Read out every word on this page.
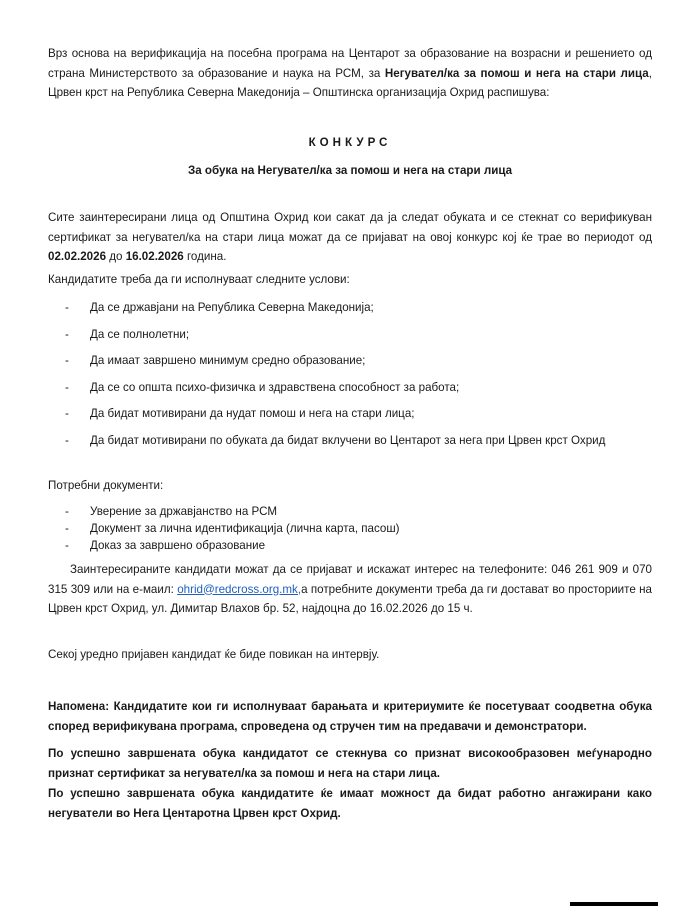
Врз основа на верификација на посебна програма на Центарот за образование на возрасни и решението од страна Министерството за образование и наука на РСМ, за Негувател/ка за помош и нега на стари лица, Црвен крст на Република Северна Македонија – Општинска организација Охрид распишува:

КОНКУРС

За обука на Негувател/ка за помош и нега на стари лица

Сите заинтересирани лица од Општина Охрид кои сакат да ја следат обуката и се стекнат со верификуван сертификат за негувател/ка на стари лица можат да се пријават на овој конкурс кој ќе трае во периодот од 02.02.2026 до 16.02.2026 година.

Кандидатите треба да ги исполнуваат следните услови:

- Да се државјани на Република Северна Македонија;
- Да се полнолетни;
- Да имаат завршено минимум средно образование;
- Да се со општа психо-физичка и здравствена способност за работа;
- Да бидат мотивирани да нудат помош и нега на стари лица;
- Да бидат мотивирани по обуката да бидат вклучени во Центарот за нега при Црвен крст Охрид

Потребни документи:

- Уверение за државјанство на РСМ
- Документ за лична идентификација (лична карта, пасош)
- Доказ за завршено образование

Заинтересираните кандидати можат да се пријават и искажат интерес на телефоните: 046 261 909 и 070 315 309 или на е-маил: ohrid@redcross.org.mk,а потребните документи треба да ги достават во просториите на Црвен крст Охрид, ул. Димитар Влахов бр. 52, најдоцна до 16.02.2026 до 15 ч.

Секој уредно пријавен кандидат ќе биде повикан на интервју.

Напомена: Кандидатите кои ги исполнуваат барањата и критериумите ќе посетуваат соодветна обука според верификувана програма, спроведена од стручен тим на предавачи и демонстратори.

По успешно завршената обука кандидатот се стекнува со признат високообразовен меѓународно признат сертификат за негувател/ка за помош и нега на стари лица.

По успешно завршената обука кандидатите ќе имаат можност да бидат работно ангажирани како негуватели во Нега Центаротна Црвен крст Охрид.
